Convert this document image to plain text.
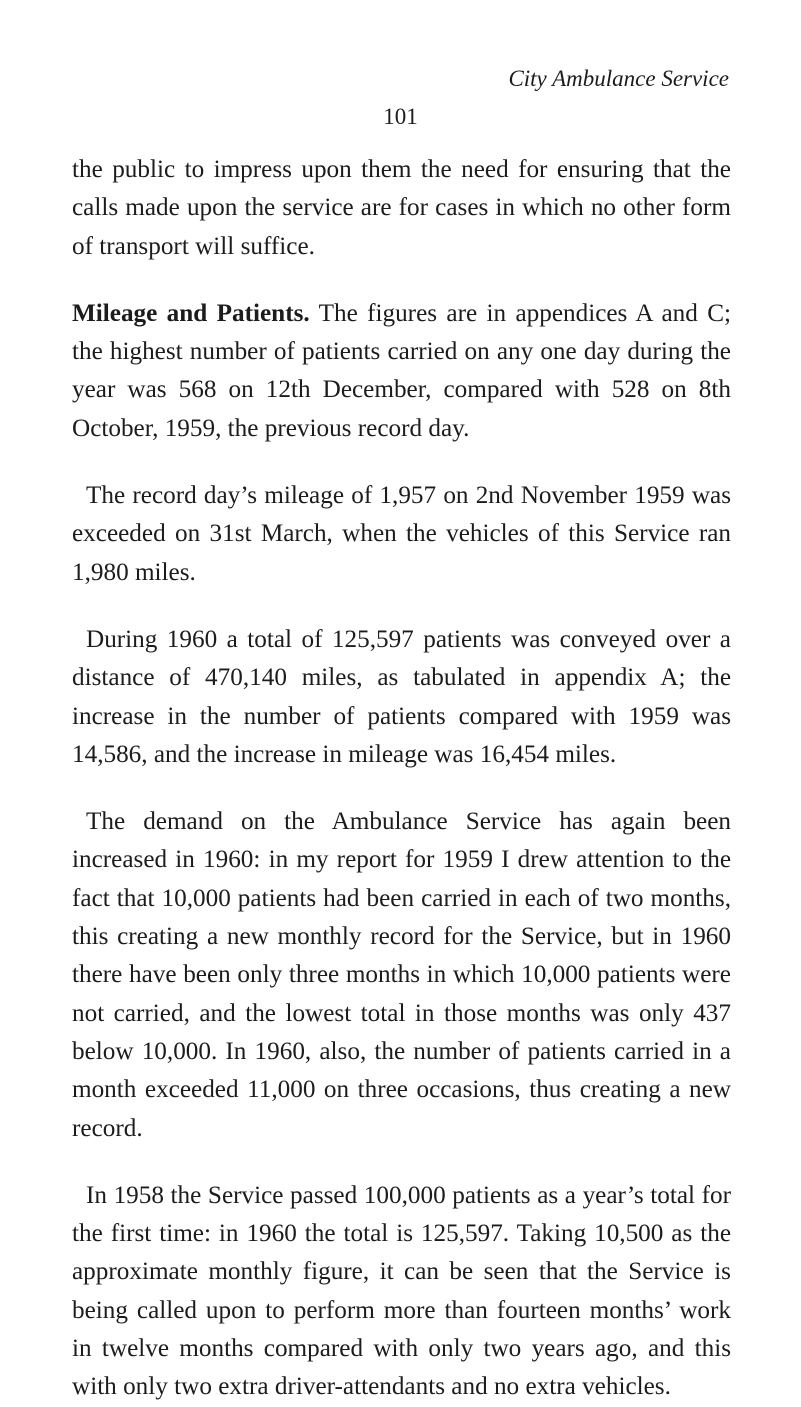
City Ambulance Service
101

the public to impress upon them the need for ensuring that the calls made upon the service are for cases in which no other form of transport will suffice.

Mileage and Patients. The figures are in appendices A and C; the highest number of patients carried on any one day during the year was 568 on 12th December, compared with 528 on 8th October, 1959, the previous record day.

The record day’s mileage of 1,957 on 2nd November 1959 was exceeded on 31st March, when the vehicles of this Service ran 1,980 miles.

During 1960 a total of 125,597 patients was conveyed over a distance of 470,140 miles, as tabulated in appendix A; the increase in the number of patients compared with 1959 was 14,586, and the increase in mileage was 16,454 miles.

The demand on the Ambulance Service has again been increased in 1960: in my report for 1959 I drew attention to the fact that 10,000 patients had been carried in each of two months, this creating a new monthly record for the Service, but in 1960 there have been only three months in which 10,000 patients were not carried, and the lowest total in those months was only 437 below 10,000. In 1960, also, the number of patients carried in a month exceeded 11,000 on three occasions, thus creating a new record.

In 1958 the Service passed 100,000 patients as a year’s total for the first time: in 1960 the total is 125,597. Taking 10,500 as the approximate monthly figure, it can be seen that the Service is being called upon to perform more than fourteen months’ work in twelve months compared with only two years ago, and this with only two extra driver-attendants and no extra vehicles.
